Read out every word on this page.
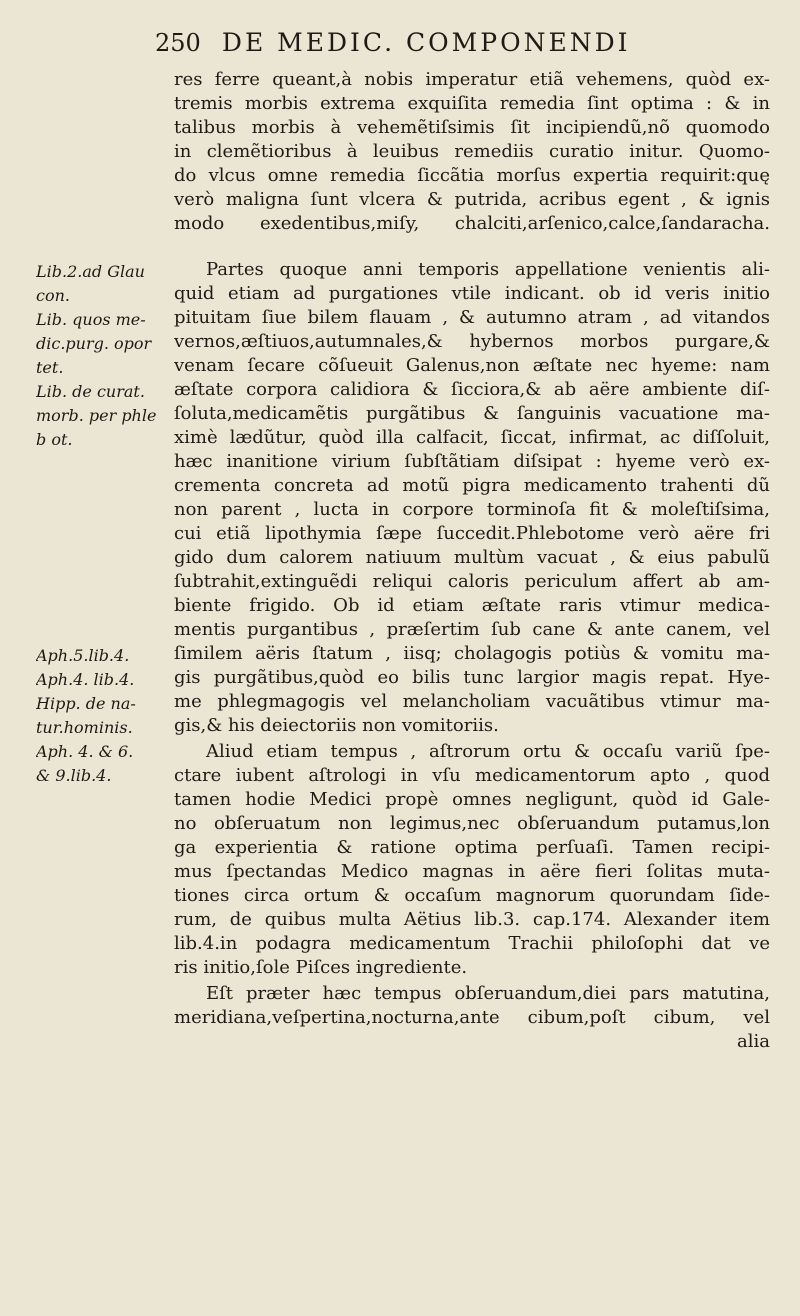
250 DE MEDIC. COMPONENDI
Lib.2.ad Glau
con.
Lib. quos me-
dic.purg. opor
tet.
Lib. de curat.
morb. per phle
b ot.
Aph.5.lib.4.
Aph.4. lib.4.
Hipp. de na-
tur.hominis.
Aph. 4. & 6.
& 9.lib.4.
res ferre queant,à nobis imperatur etiã vehemens, quòd ex-
tremis morbis extrema exquiſita remedia ſint optima : & in
talibus morbis à vehemẽtiſsimis ſit incipiendũ,nõ quomodo
in clemẽtioribus à leuibus remediis curatio initur. Quomo-
do vlcus omne remedia ſiccãtia morſus expertia requirit:quę
verò maligna ſunt vlcera & putrida, acribus egent , & ignis
modo exedentibus,miſy, chalciti,arſenico,calce,ſandaracha.
Partes quoque anni temporis appellatione venientis ali-
quid etiam ad purgationes vtile indicant. ob id veris initio
pituitam ſiue bilem flauam , & autumno atram , ad vitandos
vernos,æſtiuos,autumnales,& hybernos morbos purgare,&
venam ſecare cõſueuit Galenus,non æſtate nec hyeme: nam
æſtate corpora calidiora & ſicciora,& ab aëre ambiente diſ-
ſoluta,medicamẽtis purgãtibus & ſanguinis vacuatione ma-
ximè lædũtur, quòd illa calfacit, ſiccat, infirmat, ac diſſoluit,
hæc inanitione virium ſubſtãtiam diſsipat : hyeme verò ex-
crementa concreta ad motũ pigra medicamento trahenti dũ
non parent , lucta in corpore torminoſa fit & moleſtiſsima,
cui etiã lipothymia ſæpe ſuccedit.Phlebotome verò aëre fri
gido dum calorem natiuum multùm vacuat , & eius pabulũ
ſubtrahit,extinguẽdi reliqui caloris periculum affert ab am-
biente frigido. Ob id etiam æſtate raris vtimur medica-
mentis purgantibus , præſertim ſub cane & ante canem, vel
ſimilem aëris ſtatum , iisq; cholagogis potiùs & vomitu ma-
gis purgãtibus,quòd eo bilis tunc largior magis repat. Hye-
me phlegmagogis vel melancholiam vacuãtibus vtimur ma-
gis,& his deiectoriis non vomitoriis.
Aliud etiam tempus , aſtrorum ortu & occaſu variũ ſpe-
ctare iubent aſtrologi in vſu medicamentorum apto , quod
tamen hodie Medici propè omnes negligunt, quòd id Gale-
no obſeruatum non legimus,nec obſeruandum putamus,lon
ga experientia & ratione optima perſuaſi. Tamen recipi-
mus ſpectandas Medico magnas in aëre fieri ſolitas muta-
tiones circa ortum & occaſum magnorum quorundam ſide-
rum, de quibus multa Aëtius lib.3. cap.174. Alexander item
lib.4.in podagra medicamentum Trachii philoſophi dat ve
ris initio,ſole Piſces ingrediente.
Eſt præter hæc tempus obſeruandum,diei pars matutina,
meridiana,veſpertina,nocturna,ante cibum,poſt cibum, vel
alia
